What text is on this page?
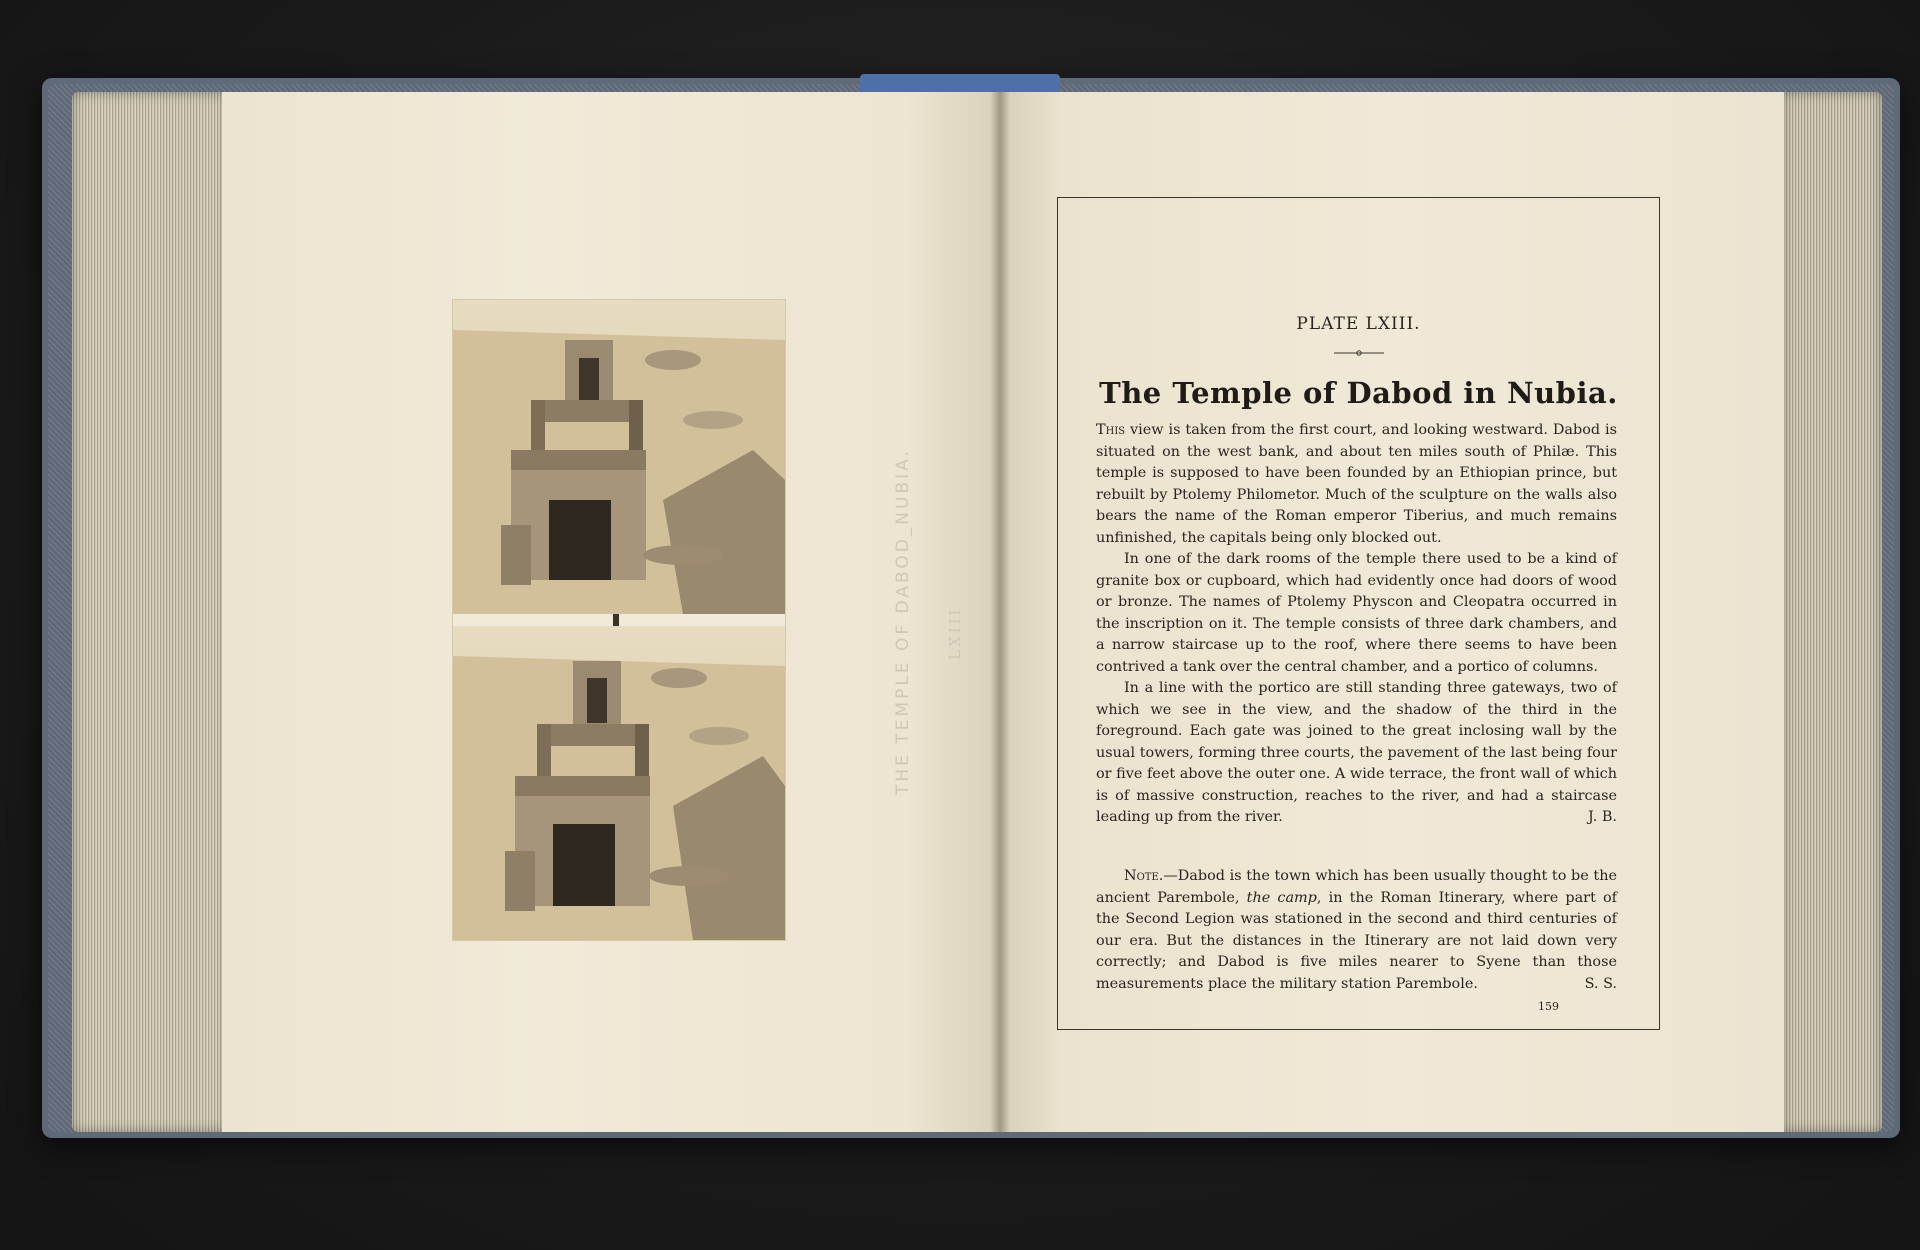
THE TEMPLE OF DABOD_NUBIA. LXIII
PLATE LXIII.
The Temple of Dabod in Nubia.

This view is taken from the first court, and looking westward. Dabod is situated on the west bank, and about ten miles south of Philæ. This temple is supposed to have been founded by an Ethiopian prince, but rebuilt by Ptolemy Philometor. Much of the sculpture on the walls also bears the name of the Roman emperor Tiberius, and much remains unfinished, the capitals being only blocked out.

In one of the dark rooms of the temple there used to be a kind of granite box or cupboard, which had evidently once had doors of wood or bronze. The names of Ptolemy Physcon and Cleopatra occurred in the inscription on it. The temple consists of three dark chambers, and a narrow staircase up to the roof, where there seems to have been contrived a tank over the central chamber, and a portico of columns.

In a line with the portico are still standing three gateways, two of which we see in the view, and the shadow of the third in the foreground. Each gate was joined to the great inclosing wall by the usual towers, forming three courts, the pavement of the last being four or five feet above the outer one. A wide terrace, the front wall of which is of massive construction, reaches to the river, and had a staircase leading up from the river.	J. B.

Note.—Dabod is the town which has been usually thought to be the ancient Parembole, the camp, in the Roman Itinerary, where part of the Second Legion was stationed in the second and third centuries of our era. But the distances in the Itinerary are not laid down very correctly; and Dabod is five miles nearer to Syene than those measurements place the military station Parembole.	S. S.

159
